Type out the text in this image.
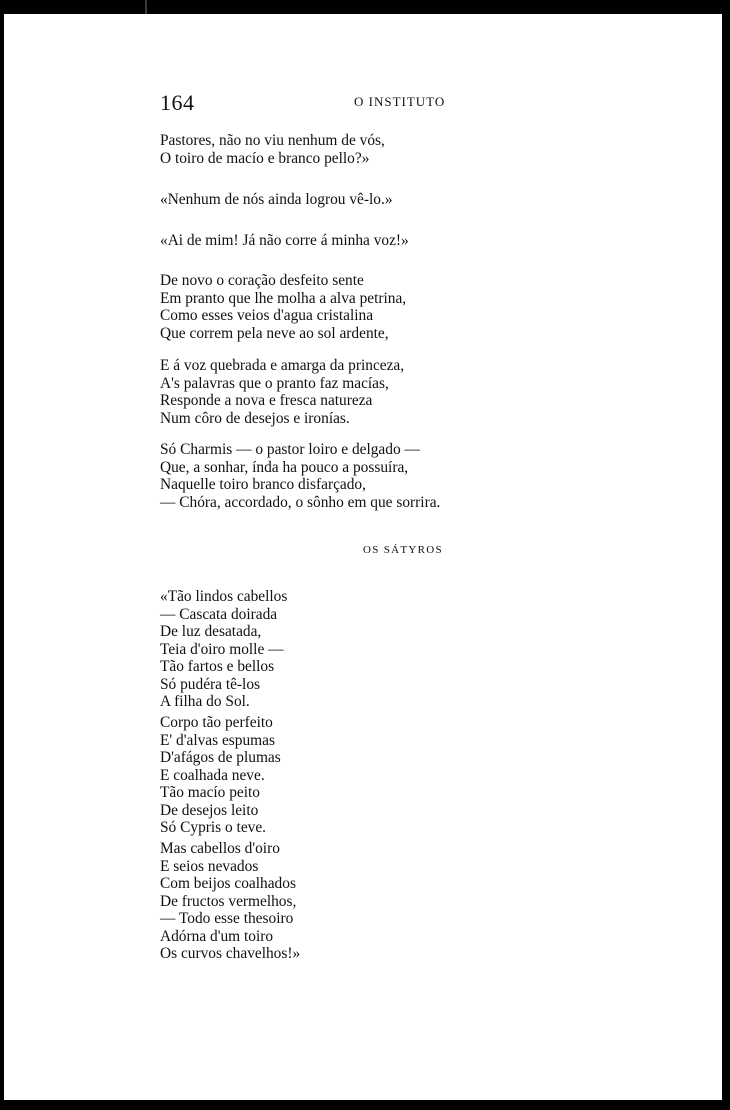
164	O INSTITUTO
Pastores, não no viu nenhum de vós,
O toiro de macío e branco pello?»
«Nenhum de nós ainda logrou vê-lo.»
«Ai de mim! Já não corre á minha voz!»
De novo o coração desfeito sente
Em pranto que lhe molha a alva petrina,
Como esses veios d'agua cristalina
Que correm pela neve ao sol ardente,
E á voz quebrada e amarga da princeza,
A's palavras que o pranto faz macías,
Responde a nova e fresca natureza
Num côro de desejos e ironías.
Só Charmis — o pastor loiro e delgado —
Que, a sonhar, índa ha pouco a possuíra,
Naquelle toiro branco disfarçado,
— Chóra, accordado, o sônho em que sorrira.
OS SÁTYROS
«Tão lindos cabellos
— Cascata doirada
De luz desatada,
Teia d'oiro molle —
Tão fartos e bellos
Só pudéra tê-los
A filha do Sol.
Corpo tão perfeito
E' d'alvas espumas
D'afágos de plumas
E coalhada neve.
Tão macío peito
De desejos leito
Só Cypris o teve.
Mas cabellos d'oiro
E seios nevados
Com beijos coalhados
De fructos vermelhos,
— Todo esse thesoiro
Adórna d'um toiro
Os curvos chavelhos!»
